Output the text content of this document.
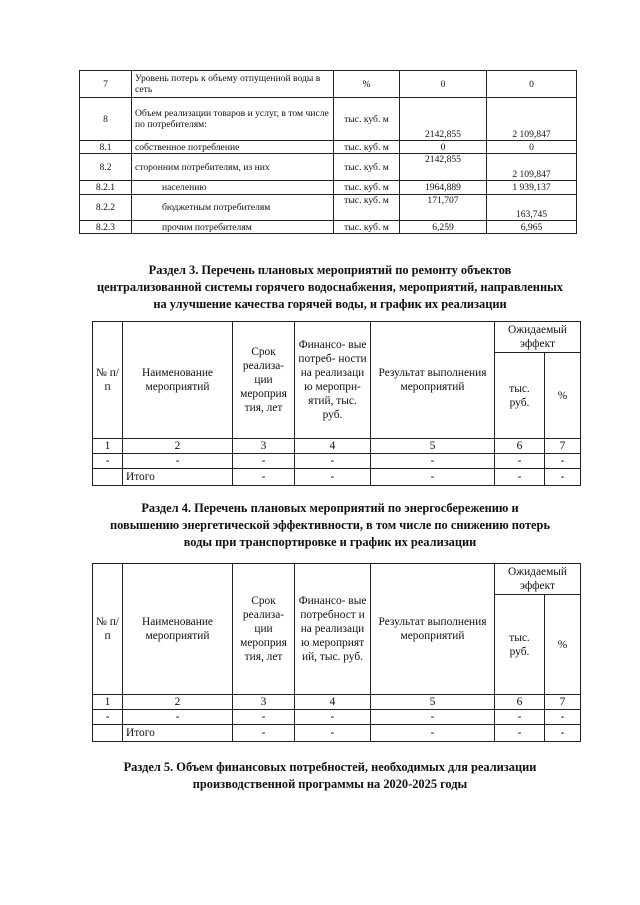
7	Уровень потерь к объему отпущенной воды в сеть	%	0	0
8	Объем реализации товаров и услуг, в том числе по потребителям:	тыс. куб. м	2142,855	2 109,847
8.1	собственное потребление	тыс. куб. м	0	0
8.2	сторонним потребителям, из них	тыс. куб. м	2142,855	2 109,847
8.2.1	населению	тыс. куб. м	1964,889	1 939,137
8.2.2	бюджетным потребителям	тыс. куб. м	171,707	163,745
8.2.3	прочим потребителям	тыс. куб. м	6,259	6,965
Раздел 3. Перечень плановых мероприятий по ремонту объектов
централизованной системы горячего водоснабжения, мероприятий, направленных
на улучшение качества горячей воды, и график их реализации
№ п/ п	Наименование мероприятий	Срок реализа- ции мероприя тия, лет	Финансо- вые потреб- ности на реализаци ю меропри- ятий, тыс. руб.	Результат выполнения мероприятий	Ожидаемый эффект	
					тыс. руб.	%
1	2	3	4	5	6	7
-	-	-	-	-	-	-
	Итого	-	-	-	-	-
Раздел 4. Перечень плановых мероприятий по энергосбережению и
повышению энергетической эффективности, в том числе по снижению потерь
воды при транспортировке и график их реализации
№ п/ п	Наименование мероприятий	Срок реализа- ции мероприя тия, лет	Финансо- вые потребност и на реализаци ю мероприят ий, тыс. руб.	Результат выполнения мероприятий	Ожидаемый эффект	
					тыс. руб.	%
1	2	3	4	5	6	7
-	-	-	-	-	-	-
	Итого	-	-	-	-	-
Раздел 5. Объем финансовых потребностей, необходимых для реализации
производственной программы на 2020-2025 годы
